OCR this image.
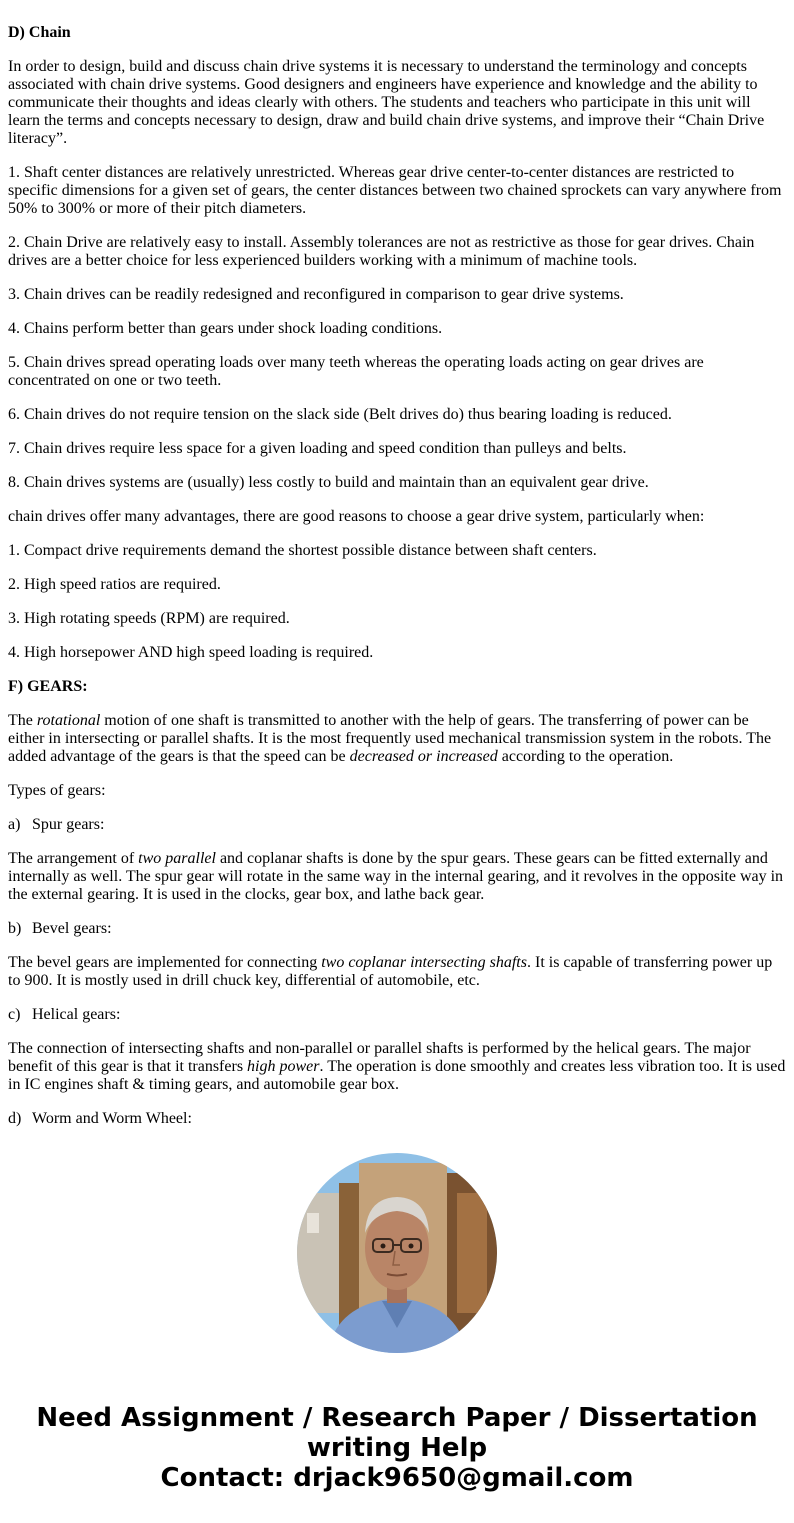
D) Chain

In order to design, build and discuss chain drive systems it is necessary to understand the terminology and concepts associated with chain drive systems. Good designers and engineers have experience and knowledge and the ability to communicate their thoughts and ideas clearly with others. The students and teachers who participate in this unit will learn the terms and concepts necessary to design, draw and build chain drive systems, and improve their “Chain Drive literacy”.

1. Shaft center distances are relatively unrestricted. Whereas gear drive center-to-center distances are restricted to specific dimensions for a given set of gears, the center distances between two chained sprockets can vary anywhere from 50% to 300% or more of their pitch diameters.

2. Chain Drive are relatively easy to install. Assembly tolerances are not as restrictive as those for gear drives. Chain drives are a better choice for less experienced builders working with a minimum of machine tools.

3. Chain drives can be readily redesigned and reconfigured in comparison to gear drive systems.

4. Chains perform better than gears under shock loading conditions.

5. Chain drives spread operating loads over many teeth whereas the operating loads acting on gear drives are concentrated on one or two teeth.

6. Chain drives do not require tension on the slack side (Belt drives do) thus bearing loading is reduced.

7. Chain drives require less space for a given loading and speed condition than pulleys and belts.

8. Chain drives systems are (usually) less costly to build and maintain than an equivalent gear drive.

chain drives offer many advantages, there are good reasons to choose a gear drive system, particularly when:

1. Compact drive requirements demand the shortest possible distance between shaft centers.

2. High speed ratios are required.

3. High rotating speeds (RPM) are required.

4. High horsepower AND high speed loading is required.

F) GEARS:

The rotational motion of one shaft is transmitted to another with the help of gears. The transferring of power can be either in intersecting or parallel shafts. It is the most frequently used mechanical transmission system in the robots. The added advantage of the gears is that the speed can be decreased or increased according to the operation.

Types of gears:

a) Spur gears:

The arrangement of two parallel and coplanar shafts is done by the spur gears. These gears can be fitted externally and internally as well. The spur gear will rotate in the same way in the internal gearing, and it revolves in the opposite way in the external gearing. It is used in the clocks, gear box, and lathe back gear.

b) Bevel gears:

The bevel gears are implemented for connecting two coplanar intersecting shafts. It is capable of transferring power up to 900. It is mostly used in drill chuck key, differential of automobile, etc.

c) Helical gears:

The connection of intersecting shafts and non-parallel or parallel shafts is performed by the helical gears. The major benefit of this gear is that it transfers high power. The operation is done smoothly and creates less vibration too. It is used in IC engines shaft & timing gears, and automobile gear box.

d) Worm and Worm Wheel:

Need Assignment / Research Paper / Dissertation
writing Help
Contact: drjack9650@gmail.com
